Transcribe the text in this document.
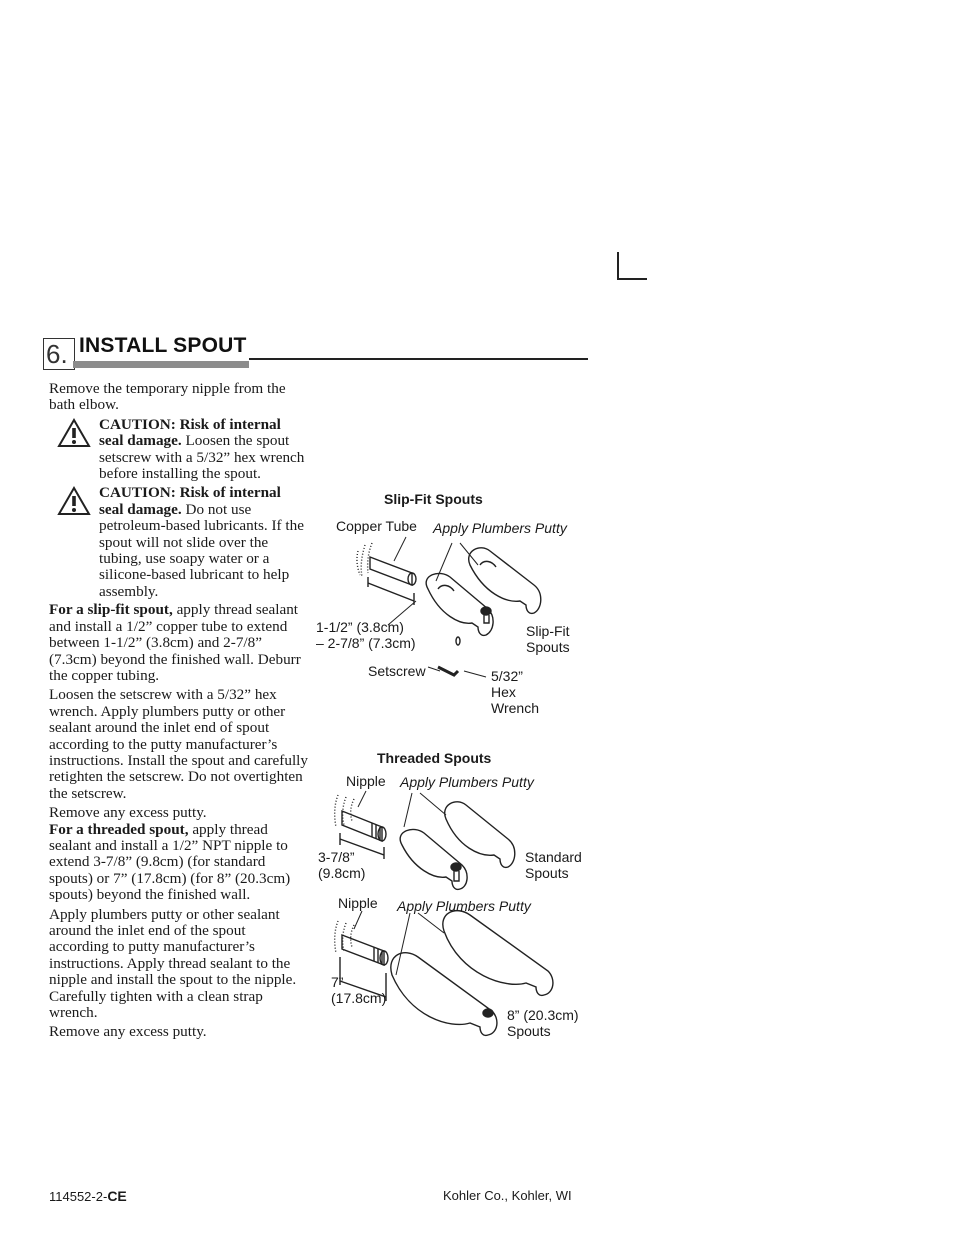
6. INSTALL SPOUT

Remove the temporary nipple from the bath elbow.

CAUTION: Risk of internal seal damage. Loosen the spout setscrew with a 5/32” hex wrench before installing the spout.
CAUTION: Risk of internal seal damage. Do not use petroleum-based lubricants. If the spout will not slide over the tubing, use soapy water or a silicone-based lubricant to help assembly.

For a slip-fit spout, apply thread sealant and install a 1/2” copper tube to extend between 1-1/2” (3.8cm) and 2-7/8” (7.3cm) beyond the finished wall. Deburr the copper tubing.

Loosen the setscrew with a 5/32” hex wrench. Apply plumbers putty or other sealant around the inlet end of spout according to the putty manufacturer’s instructions. Install the spout and carefully retighten the setscrew. Do not overtighten the setscrew.

Remove any excess putty.

For a threaded spout, apply thread sealant and install a 1/2” NPT nipple to extend 3-7/8” (9.8cm) (for standard spouts) or 7” (17.8cm) (for 8” (20.3cm) spouts) beyond the finished wall.

Apply plumbers putty or other sealant around the inlet end of the spout according to putty manufacturer’s instructions. Apply thread sealant to the nipple and install the spout to the nipple. Carefully tighten with a clean strap wrench.

Remove any excess putty.

Slip-Fit Spouts
Copper Tube Apply Plumbers Putty
1-1/2” (3.8cm)
– 2-7/8” (7.3cm)
Slip-Fit
Spouts
Setscrew	5/32”
Hex
Wrench
Threaded Spouts
Nipple Apply Plumbers Putty
3-7/8”
(9.8cm)
Standard
Spouts
Nipple Apply Plumbers Putty
7”
(17.8cm)
8” (20.3cm)
Spouts
114552-2-CE	Kohler Co., Kohler, WI
